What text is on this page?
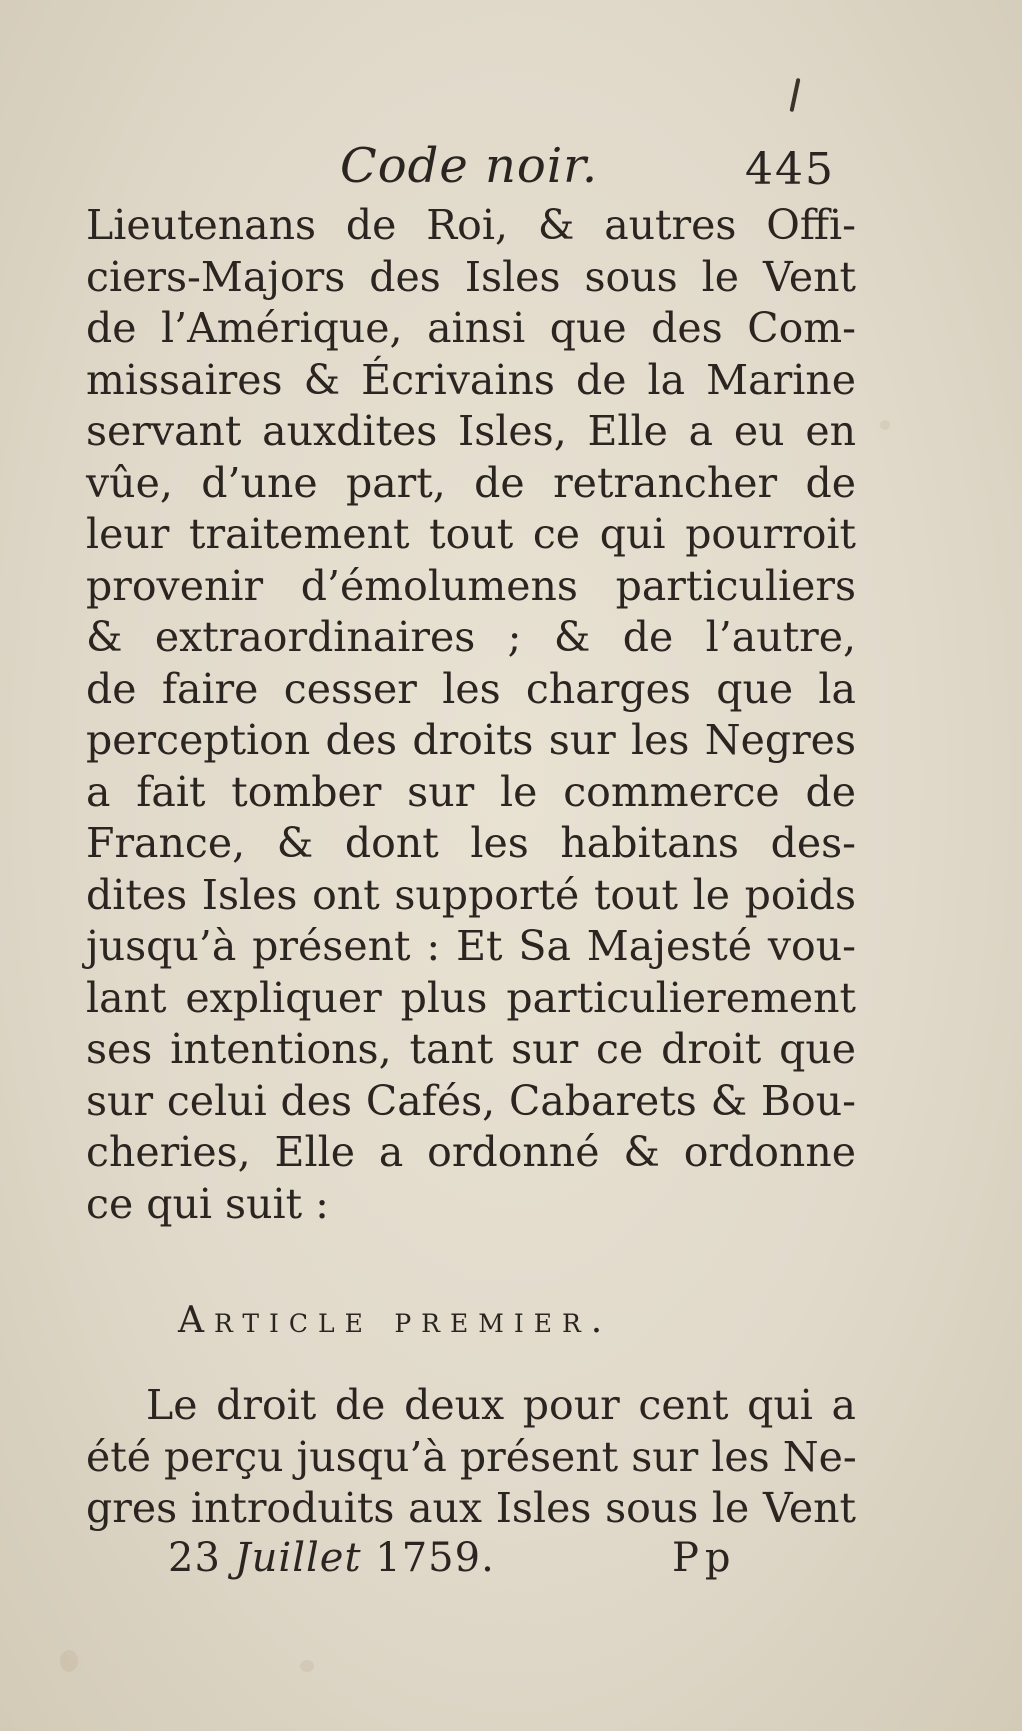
Code noir.	445
Lieutenans de Roi, & autres Offi-
ciers-Majors des Isles sous le Vent
de l’Amérique, ainsi que des Com-
missaires & Écrivains de la Marine
servant auxdites Isles, Elle a eu en
vûe, d’une part, de retrancher de
leur traitement tout ce qui pourroit
provenir d’émolumens particuliers
& extraordinaires ; & de l’autre,
de faire cesser les charges que la
perception des droits sur les Negres
a fait tomber sur le commerce de
France, & dont les habitans des-
dites Isles ont supporté tout le poids
jusqu’à présent : Et Sa Majesté vou-
lant expliquer plus particulierement
ses intentions, tant sur ce droit que
sur celui des Cafés, Cabarets & Bou-
cheries, Elle a ordonné & ordonne
ce qui suit :
Article premier.
Le droit de deux pour cent qui a
été perçu jusqu’à présent sur les Ne-
gres introduits aux Isles sous le Vent
23 Juillet 1759.	Pp
